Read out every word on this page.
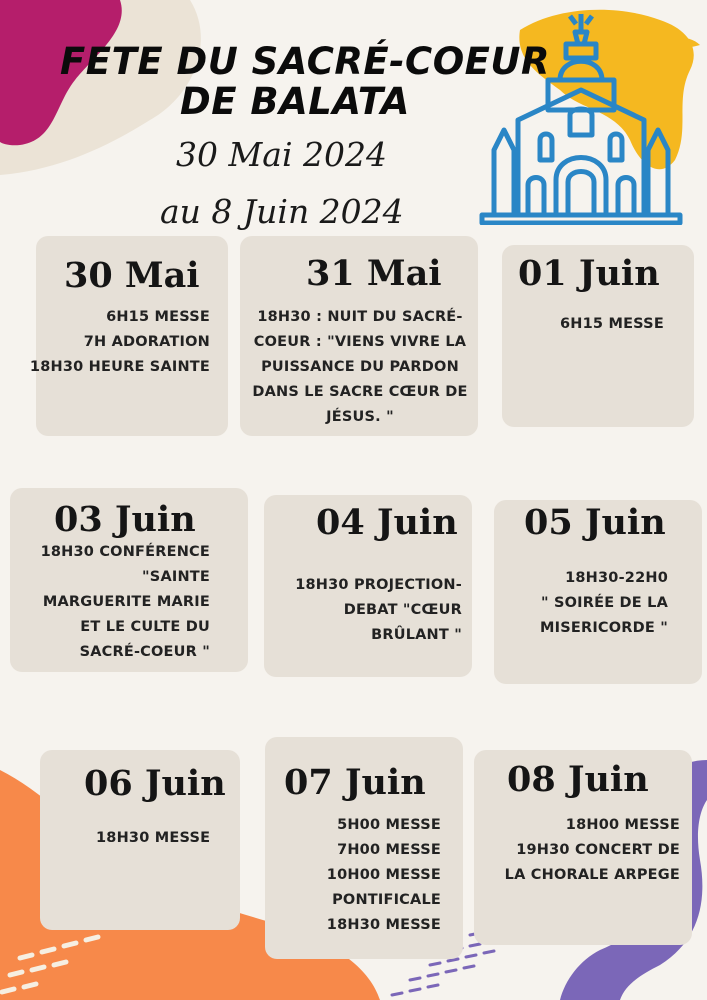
FETE DU SACRÉ-COEUR
DE BALATA
30 Mai 2024
au 8 Juin 2024
30 Mai
6H15 MESSE
7H ADORATION
18H30 HEURE SAINTE
31 Mai
18H30 : NUIT DU SACRÉ-
COEUR : "VIENS VIVRE LA
PUISSANCE DU PARDON
DANS LE SACRE CŒUR DE
JÉSUS. "
01 Juin
6H15 MESSE
03 Juin
18H30 CONFÉRENCE
"SAINTE
MARGUERITE MARIE
ET LE CULTE DU
SACRÉ-COEUR "
04 Juin
18H30 PROJECTION-
DEBAT "CŒUR
BRÛLANT "
05 Juin
18H30-22H0
" SOIRÉE DE LA
MISERICORDE "
06 Juin
18H30 MESSE
07 Juin
5H00 MESSE
7H00 MESSE
10H00 MESSE
PONTIFICALE
18H30 MESSE
08 Juin
18H00 MESSE
19H30 CONCERT DE
LA CHORALE ARPEGE
